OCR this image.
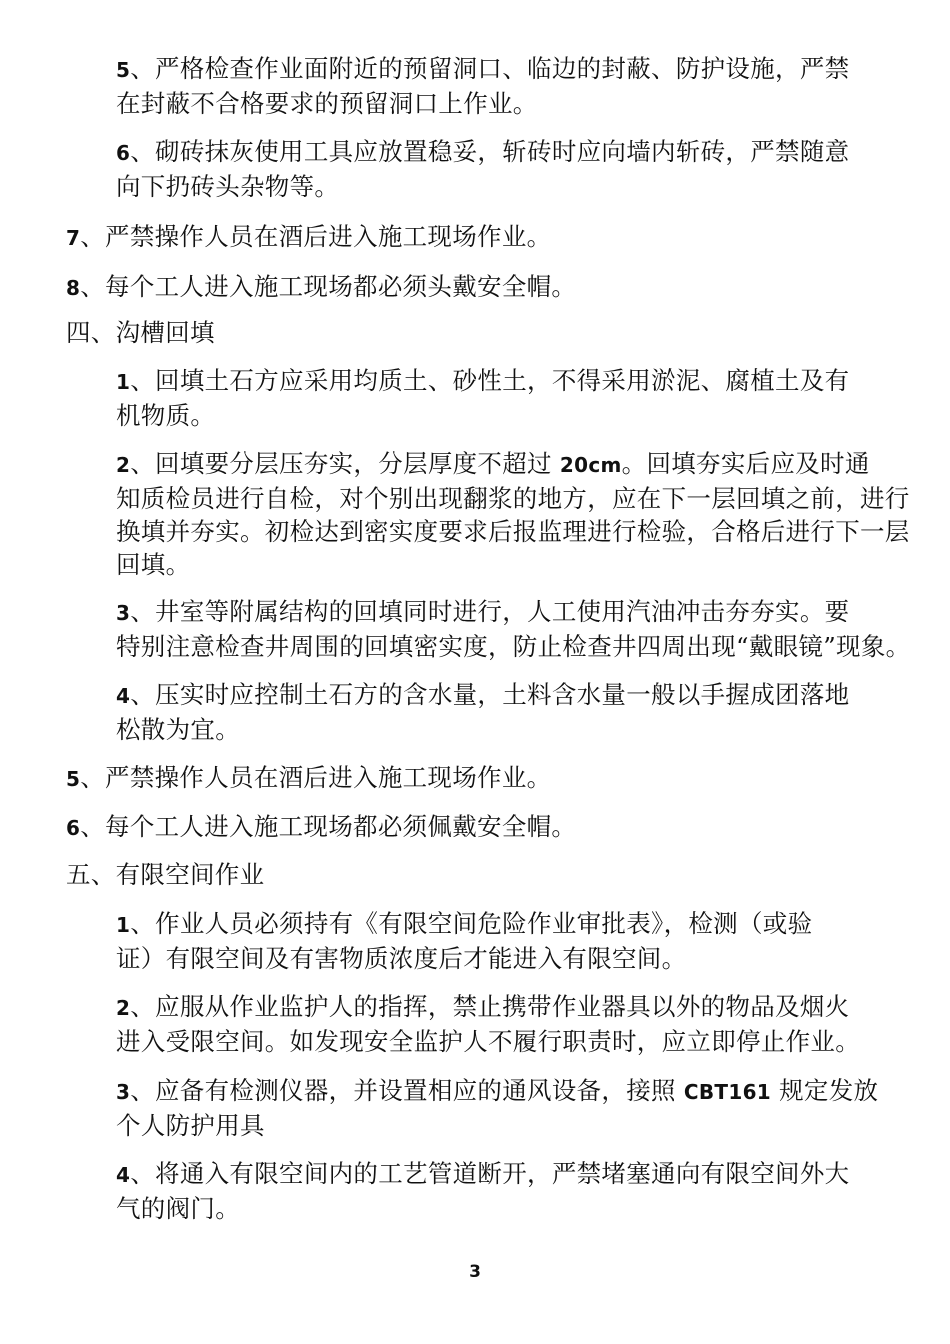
5、严格检查作业面附近的预留洞口、临边的封蔽、防护设施，严禁
在封蔽不合格要求的预留洞口上作业。

6、砌砖抹灰使用工具应放置稳妥，斩砖时应向墙内斩砖，严禁随意
向下扔砖头杂物等。

7、严禁操作人员在酒后进入施工现场作业。

8、每个工人进入施工现场都必须头戴安全帽。

四、沟槽回填

1、回填土石方应采用均质土、砂性土，不得采用淤泥、腐植土及有
机物质。

2、回填要分层压夯实，分层厚度不超过 20cm。回填夯实后应及时通
知质检员进行自检，对个别出现翻浆的地方，应在下一层回填之前，进行
换填并夯实。初检达到密实度要求后报监理进行检验，合格后进行下一层
回填。

3、井室等附属结构的回填同时进行，人工使用汽油冲击夯夯实。要
特别注意检查井周围的回填密实度，防止检查井四周出现“戴眼镜”现象。

4、压实时应控制土石方的含水量，土料含水量一般以手握成团落地
松散为宜。

5、严禁操作人员在酒后进入施工现场作业。

6、每个工人进入施工现场都必须佩戴安全帽。

五、有限空间作业

1、作业人员必须持有《有限空间危险作业审批表》，检测（或验
证）有限空间及有害物质浓度后才能进入有限空间。

2、应服从作业监护人的指挥，禁止携带作业器具以外的物品及烟火
进入受限空间。如发现安全监护人不履行职责时，应立即停止作业。

3、应备有检测仪器，并设置相应的通风设备，接照 CBT161 规定发放
个人防护用具

4、将通入有限空间内的工艺管道断开，严禁堵塞通向有限空间外大
气的阀门。

3
